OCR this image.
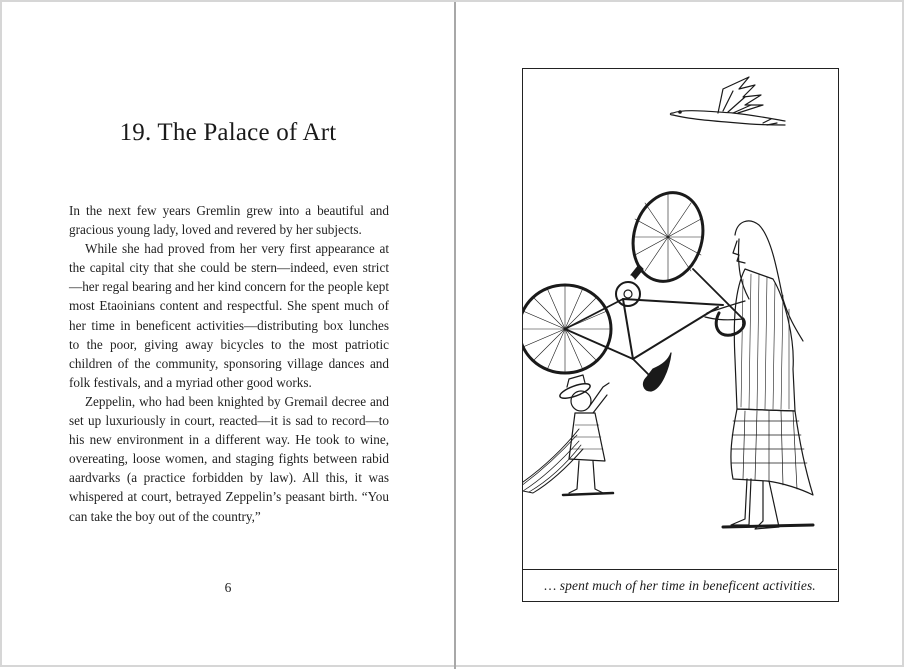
19. The Palace of Art

In the next few years Gremlin grew into a beautiful and gracious young lady, loved and revered by her subjects.

While she had proved from her very first appearance at the capital city that she could be stern—indeed, even strict—her regal bearing and her kind concern for the people kept most Etaoinians content and respectful. She spent much of her time in beneficent activities—distributing box lunches to the poor, giving away bicycles to the most patriotic children of the community, sponsoring village dances and folk festivals, and a myriad other good works.

Zeppelin, who had been knighted by Gremail decree and set up luxuriously in court, reacted—it is sad to record—to his new environment in a different way. He took to wine, overeating, loose women, and staging fights between rabid aardvarks (a practice forbidden by law). All this, it was whispered at court, betrayed Zeppelin’s peasant birth. “You can take the boy out of the country,”

6	… spent much of her time in beneficent activities.
